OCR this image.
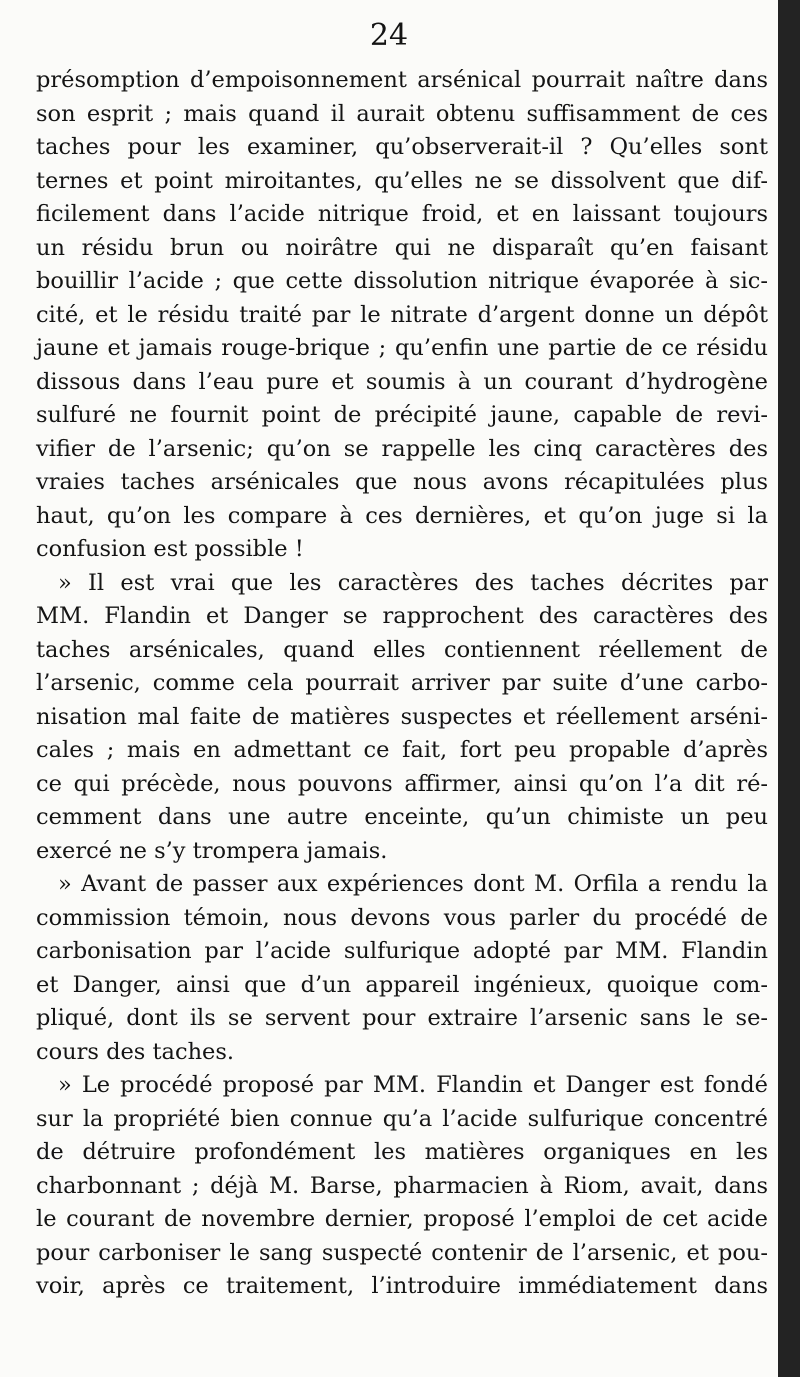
24
présomption d’empoisonnement arsénical pourrait naître dans
son esprit ; mais quand il aurait obtenu suffisamment de ces
taches pour les examiner, qu’observerait-il ? Qu’elles sont
ternes et point miroitantes, qu’elles ne se dissolvent que dif-
ficilement dans l’acide nitrique froid, et en laissant toujours
un résidu brun ou noirâtre qui ne disparaît qu’en faisant
bouillir l’acide ; que cette dissolution nitrique évaporée à sic-
cité, et le résidu traité par le nitrate d’argent donne un dépôt
jaune et jamais rouge-brique ; qu’enfin une partie de ce résidu
dissous dans l’eau pure et soumis à un courant d’hydrogène
sulfuré ne fournit point de précipité jaune, capable de revi-
vifier de l’arsenic; qu’on se rappelle les cinq caractères des
vraies taches arsénicales que nous avons récapitulées plus
haut, qu’on les compare à ces dernières, et qu’on juge si la
confusion est possible !
» Il est vrai que les caractères des taches décrites par
MM. Flandin et Danger se rapprochent des caractères des
taches arsénicales, quand elles contiennent réellement de
l’arsenic, comme cela pourrait arriver par suite d’une carbo-
nisation mal faite de matières suspectes et réellement arséni-
cales ; mais en admettant ce fait, fort peu propable d’après
ce qui précède, nous pouvons affirmer, ainsi qu’on l’a dit ré-
cemment dans une autre enceinte, qu’un chimiste un peu
exercé ne s’y trompera jamais.
» Avant de passer aux expériences dont M. Orfila a rendu la
commission témoin, nous devons vous parler du procédé de
carbonisation par l’acide sulfurique adopté par MM. Flandin
et Danger, ainsi que d’un appareil ingénieux, quoique com-
pliqué, dont ils se servent pour extraire l’arsenic sans le se-
cours des taches.
» Le procédé proposé par MM. Flandin et Danger est fondé
sur la propriété bien connue qu’a l’acide sulfurique concentré
de détruire profondément les matières organiques en les
charbonnant ; déjà M. Barse, pharmacien à Riom, avait, dans
le courant de novembre dernier, proposé l’emploi de cet acide
pour carboniser le sang suspecté contenir de l’arsenic, et pou-
voir, après ce traitement, l’introduire immédiatement dans
